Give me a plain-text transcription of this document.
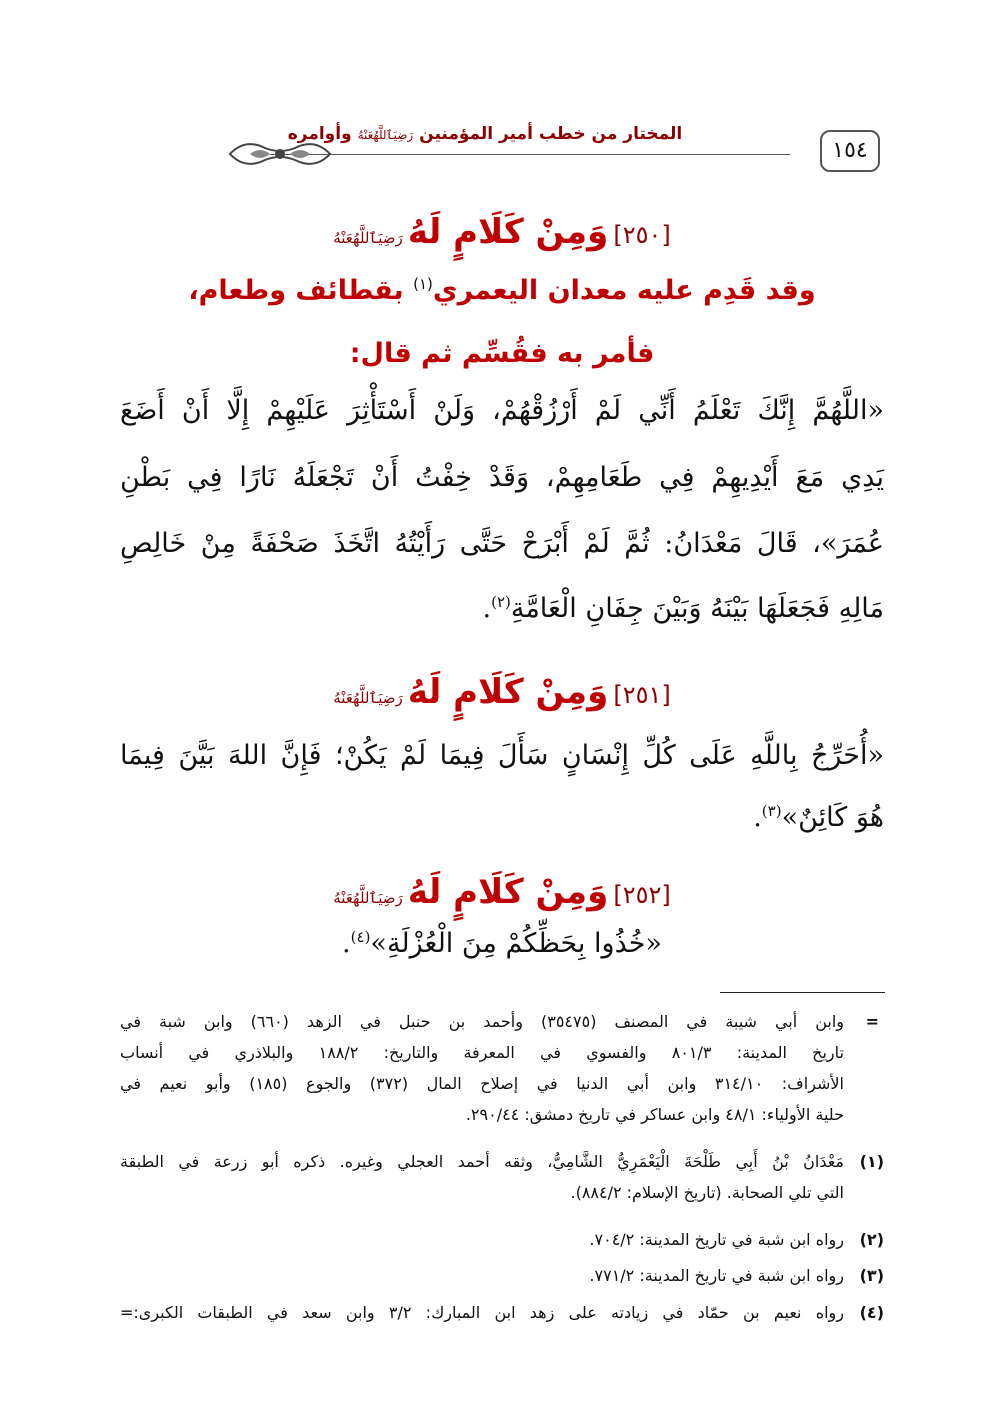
١٥٤
المختار من خطب أمير المؤمنين رَضِيَٱللَّهُعَنْهُ وأوامره
[٢٥٠] وَمِنْ كَلَامٍ لَهُ رَضِيَٱللَّهُعَنْهُ
وقد قَدِم عليه معدان اليعمري$^{(١)}$ بقطائف وطعام،
فأمر به فقُسِّم ثم قال:
«اللَّهُمَّ إِنَّكَ تَعْلَمُ أَنِّي لَمْ أَرْزُقْهُمْ، وَلَنْ أَسْتَأْثِرَ عَلَيْهِمْ إِلَّا أَنْ أَضَعَ
يَدِي مَعَ أَيْدِيهِمْ فِي طَعَامِهِمْ، وَقَدْ خِفْتُ أَنْ تَجْعَلَهُ نَارًا فِي بَطْنِ
عُمَرَ»، قَالَ مَعْدَانُ: ثُمَّ لَمْ أَبْرَحْ حَتَّى رَأَيْتُهُ اتَّخَذَ صَحْفَةً مِنْ خَالِصِ
مَالِهِ فَجَعَلَهَا بَيْنَهُ وَبَيْنَ جِفَانِ الْعَامَّةِ$^{(٢)}$.
[٢٥١] وَمِنْ كَلَامٍ لَهُ رَضِيَٱللَّهُعَنْهُ
«أُحَرِّجُ بِاللَّهِ عَلَى كُلِّ إِنْسَانٍ سَأَلَ فِيمَا لَمْ يَكُنْ؛ فَإِنَّ اللهَ بَيَّنَ فِيمَا
هُوَ كَائِنٌ»$^{(٣)}$.
[٢٥٢] وَمِنْ كَلَامٍ لَهُ رَضِيَٱللَّهُعَنْهُ
«خُذُوا بِحَظِّكُمْ مِنَ الْعُزْلَةِ»$^{(٤)}$.
=
وابن أبي شيبة في المصنف (٣٥٤٧٥) وأحمد بن حنبل في الزهد (٦٦٠) وابن شبة في
تاريخ المدينة: ٨٠١/٣ والفسوي في المعرفة والتاريخ: ١٨٨/٢ والبلاذري في أنساب
الأشراف: ٣١٤/١٠ وابن أبي الدنيا في إصلاح المال (٣٧٢) والجوع (١٨٥) وأبو نعيم في
حلية الأولياء: ٤٨/١ وابن عساكر في تاريخ دمشق: ٢٩٠/٤٤.
(١)
مَعْدَانُ بْنُ أَبِي طَلْحَةَ الْيَعْمَرِيُّ الشَّامِيُّ، وثقه أحمد العجلي وغيره. ذكره أبو زرعة في الطبقة
التي تلي الصحابة. (تاريخ الإسلام: ٨٨٤/٢).
(٢)
رواه ابن شبة في تاريخ المدينة: ٧٠٤/٢.
(٣)
رواه ابن شبة في تاريخ المدينة: ٧٧١/٢.
(٤)
رواه نعيم بن حمّاد في زيادته على زهد ابن المبارك: ٣/٢ وابن سعد في الطبقات الكبرى:=
